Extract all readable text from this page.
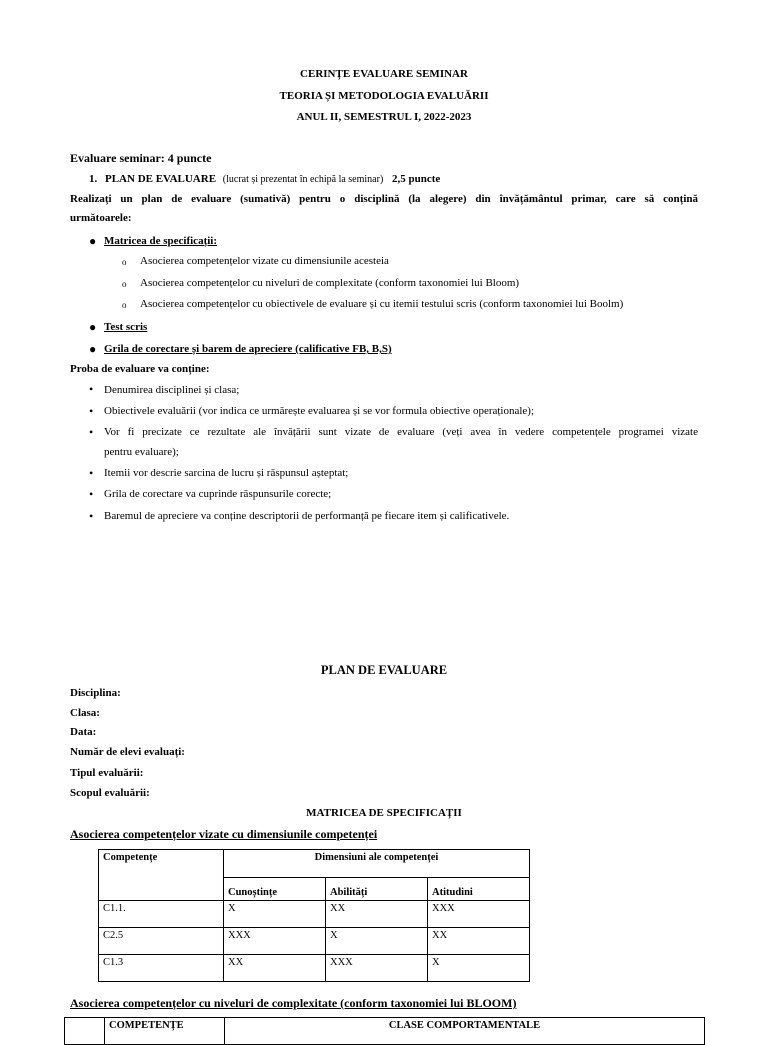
CERINȚE EVALUARE SEMINAR
TEORIA ȘI METODOLOGIA EVALUĂRII
ANUL II, SEMESTRUL I, 2022-2023
Evaluare seminar: 4 puncte
1. PLAN DE EVALUARE (lucrat și prezentat în echipă la seminar) 2,5 puncte
Realizați un plan de evaluare (sumativă) pentru o disciplină (la alegere) din învățământul primar, care să conțină
următoarele:
● Matricea de specificații:
o Asocierea competențelor vizate cu dimensiunile acesteia
o Asocierea competențelor cu niveluri de complexitate (conform taxonomiei lui Bloom)
o Asocierea competențelor cu obiectivele de evaluare și cu itemii testului scris (conform taxonomiei lui Boolm)
● Test scris
● Grila de corectare și barem de apreciere (calificative FB, B,S)
Proba de evaluare va conține:
• Denumirea disciplinei și clasa;
• Obiectivele evaluării (vor indica ce urmărește evaluarea și se vor formula obiective operaționale);
• Vor fi precizate ce rezultate ale învățării sunt vizate de evaluare (veți avea în vedere competențele programei vizate
pentru evaluare);
• Itemii vor descrie sarcina de lucru și răspunsul așteptat;
• Grila de corectare va cuprinde răspunsurile corecte;
• Baremul de apreciere va conține descriptorii de performanță pe fiecare item și calificativele.
PLAN DE EVALUARE
Disciplina:
Clasa:
Data:
Număr de elevi evaluați:
Tipul evaluării:
Scopul evaluării:
MATRICEA DE SPECIFICAȚII
Asocierea competențelor vizate cu dimensiunile competenței
Competențe	Dimensiuni ale competenței		
	Cunoștințe	Abilități	Atitudini
C1.1.	X	XX	XXX
C2.5	XXX	X	XX
C1.3	XX	XXX	X
Asocierea competențelor cu niveluri de complexitate (conform taxonomiei lui BLOOM)
	COMPETENȚE	CLASE COMPORTAMENTALE
